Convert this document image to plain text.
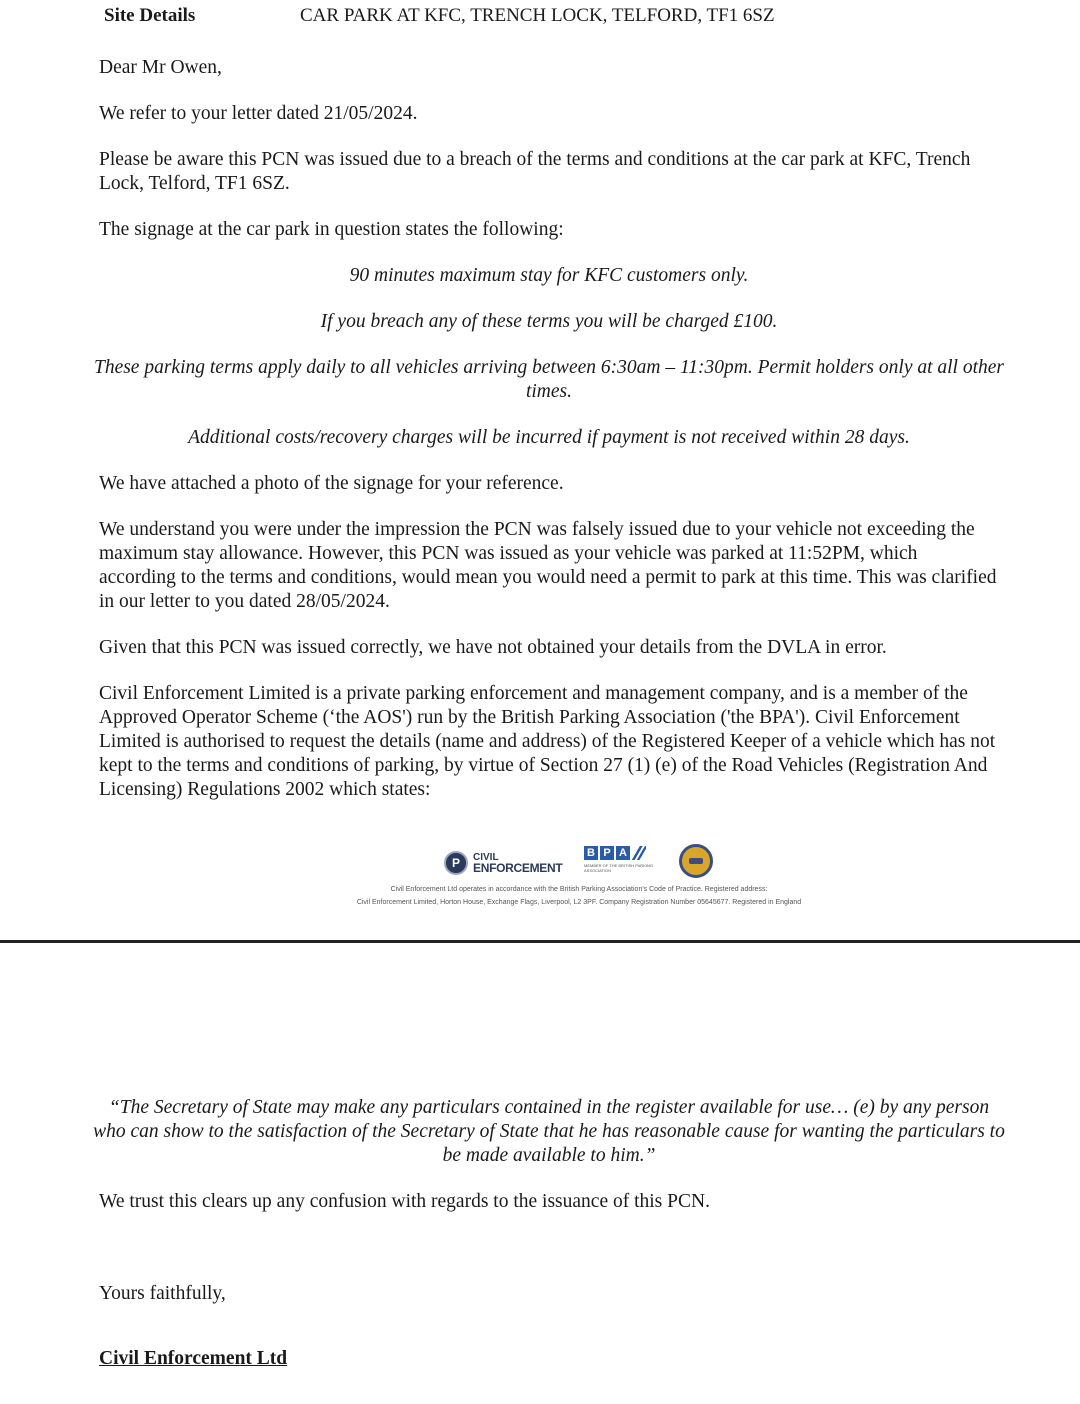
Site Details	CAR PARK AT KFC, TRENCH LOCK, TELFORD, TF1 6SZ

Dear Mr Owen,

We refer to your letter dated 21/05/2024.

Please be aware this PCN was issued due to a breach of the terms and conditions at the car park at KFC, Trench Lock, Telford, TF1 6SZ.

The signage at the car park in question states the following:

90 minutes maximum stay for KFC customers only.

If you breach any of these terms you will be charged £100.

These parking terms apply daily to all vehicles arriving between 6:30am – 11:30pm. Permit holders only at all other times.

Additional costs/recovery charges will be incurred if payment is not received within 28 days.

We have attached a photo of the signage for your reference.

We understand you were under the impression the PCN was falsely issued due to your vehicle not exceeding the maximum stay allowance. However, this PCN was issued as your vehicle was parked at 11:52PM, which according to the terms and conditions, would mean you would need a permit to park at this time. This was clarified in our letter to you dated 28/05/2024.

Given that this PCN was issued correctly, we have not obtained your details from the DVLA in error.

Civil Enforcement Limited is a private parking enforcement and management company, and is a member of the Approved Operator Scheme (‘the AOS') run by the British Parking Association ('the BPA'). Civil Enforcement Limited is authorised to request the details (name and address) of the Registered Keeper of a vehicle which has not kept to the terms and conditions of parking, by virtue of Section 27 (1) (e) of the Road Vehicles (Registration And Licensing) Regulations 2002 which states:

P	CIVIL
ENFORCEMENT
B P A
MEMBER OF THE BRITISH PARKING ASSOCIATION
Civil Enforcement Ltd operates in accordance with the British Parking Association's Code of Practice. Registered address:
Civil Enforcement Limited, Horton House, Exchange Flags, Liverpool, L2 3PF. Company Registration Number 05645677. Registered in England

“The Secretary of State may make any particulars contained in the register available for use… (e) by any person who can show to the satisfaction of the Secretary of State that he has reasonable cause for wanting the particulars to be made available to him.”

We trust this clears up any confusion with regards to the issuance of this PCN.

Yours faithfully,

Civil Enforcement Ltd
